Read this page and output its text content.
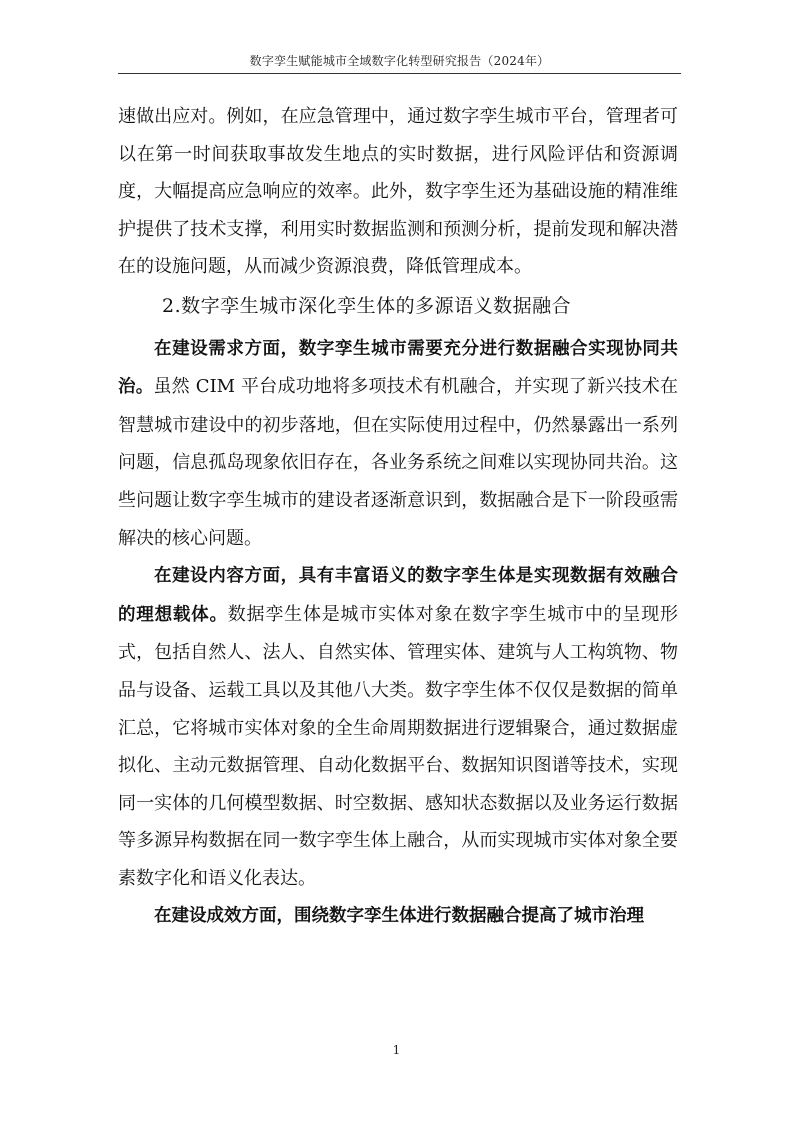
数字孪生赋能城市全域数字化转型研究报告（2024年）

速做出应对。例如，在应急管理中，通过数字孪生城市平台，管理者可以在第一时间获取事故发生地点的实时数据，进行风险评估和资源调度，大幅提高应急响应的效率。此外，数字孪生还为基础设施的精准维护提供了技术支撑，利用实时数据监测和预测分析，提前发现和解决潜在的设施问题，从而减少资源浪费，降低管理成本。

2.数字孪生城市深化孪生体的多源语义数据融合

在建设需求方面，数字孪生城市需要充分进行数据融合实现协同共治。虽然 CIM 平台成功地将多项技术有机融合，并实现了新兴技术在智慧城市建设中的初步落地，但在实际使用过程中，仍然暴露出一系列问题，信息孤岛现象依旧存在，各业务系统之间难以实现协同共治。这些问题让数字孪生城市的建设者逐渐意识到，数据融合是下一阶段亟需解决的核心问题。

在建设内容方面，具有丰富语义的数字孪生体是实现数据有效融合的理想载体。数据孪生体是城市实体对象在数字孪生城市中的呈现形式，包括自然人、法人、自然实体、管理实体、建筑与人工构筑物、物品与设备、运载工具以及其他八大类。数字孪生体不仅仅是数据的简单汇总，它将城市实体对象的全生命周期数据进行逻辑聚合，通过数据虚拟化、主动元数据管理、自动化数据平台、数据知识图谱等技术，实现同一实体的几何模型数据、时空数据、感知状态数据以及业务运行数据等多源异构数据在同一数字孪生体上融合，从而实现城市实体对象全要素数字化和语义化表达。

在建设成效方面，围绕数字孪生体进行数据融合提高了城市治理

1
